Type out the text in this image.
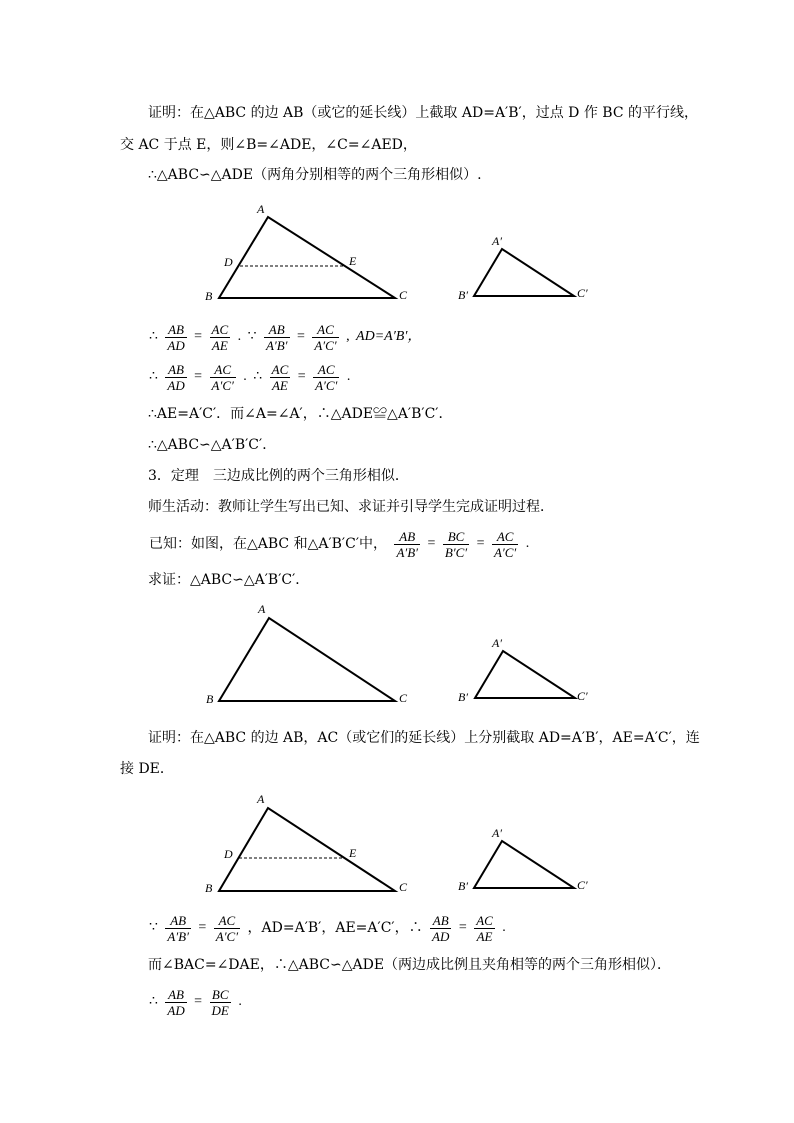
证明：在△ABC 的边 AB（或它的延长线）上截取 AD=A′B′，过点 D 作 BC 的平行线，
交 AC 于点 E，则∠B=∠ADE，∠C=∠AED，
∴△ABC∽△ADE（两角分别相等的两个三角形相似）.
A
D	E
B	C
A′
B′	C′
A
B	C
A′
B′	C′
A
D	E
B	C
A′
B′	C′
∴ $\frac{AB}{AD} = \frac{AC}{AE}$ . ∵ $\frac{AB}{A'B'} = \frac{AC}{A'C'}$ , AD=A′B′，
∴ $\frac{AB}{AD} = \frac{AC}{A'C'}$ . ∴ $\frac{AC}{AE} = \frac{AC}{A'C'}$ .
∴AE=A′C′．而∠A=∠A′，∴△ADE≌△A′B′C′．
∴△ABC∽△A′B′C′．
3．定理　三边成比例的两个三角形相似．
师生活动：教师让学生写出已知、求证并引导学生完成证明过程．
已知：如图，在△ABC 和△A′B′C′中， $\frac{AB}{A'B'} = \frac{BC}{B'C'} = \frac{AC}{A'C'}$ .
求证：△ABC∽△A′B′C′．
证明：在△ABC 的边 AB，AC（或它们的延长线）上分别截取 AD=A′B′，AE=A′C′，连
接 DE．
∵ $\frac{AB}{A'B'} = \frac{AC}{A'C'}$ ，AD=A′B′，AE=A′C′，∴ $\frac{AB}{AD} = \frac{AC}{AE}$ .
而∠BAC=∠DAE，∴△ABC∽△ADE（两边成比例且夹角相等的两个三角形相似）．
∴ $\frac{AB}{AD} = \frac{BC}{DE}$ .
